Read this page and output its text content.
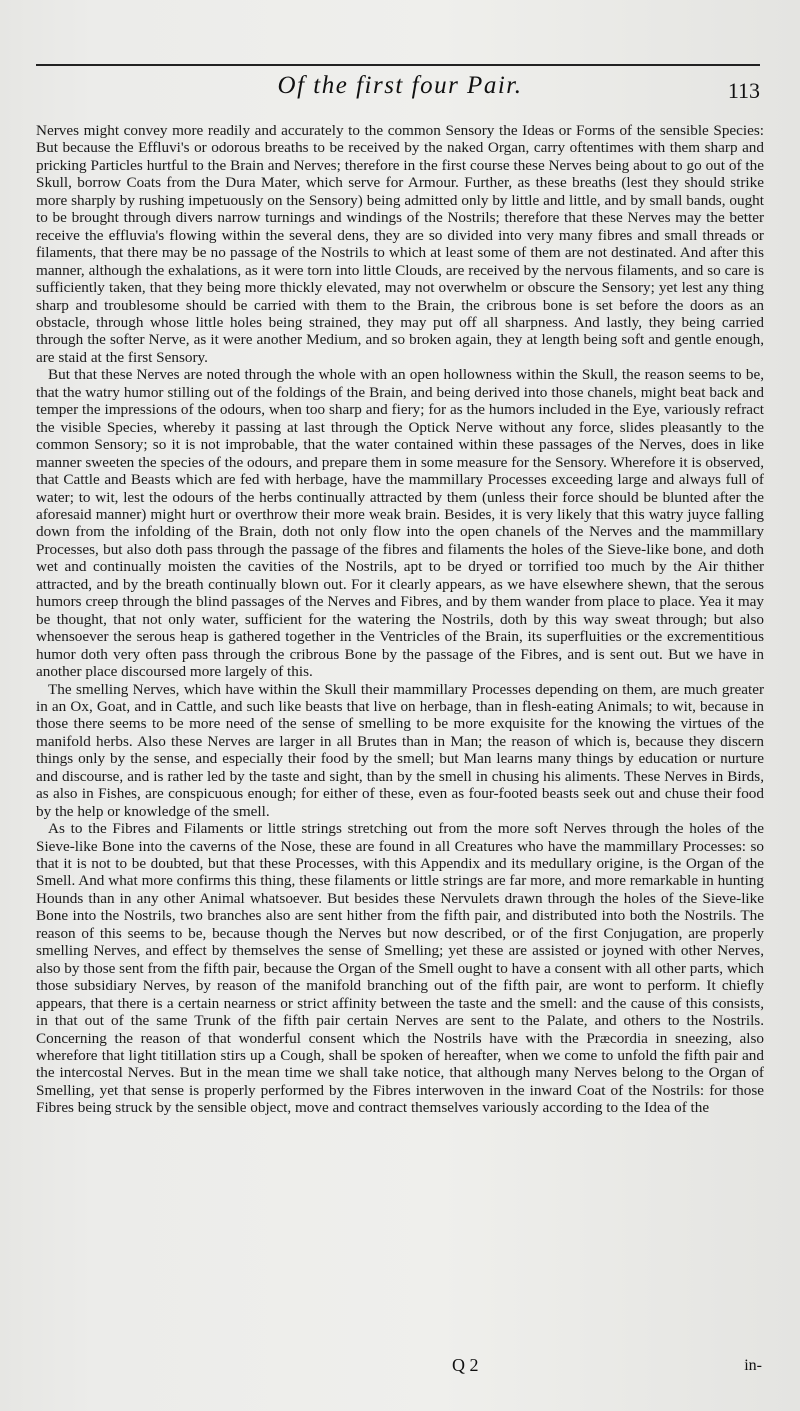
Of the first four Pair.	113

Nerves might convey more readily and accurately to the common Sensory the Ideas or Forms of the sensible Species: But because the Effluvi's or odorous breaths to be received by the naked Organ, carry oftentimes with them sharp and pricking Particles hurtful to the Brain and Nerves; therefore in the first course these Nerves being about to go out of the Skull, borrow Coats from the Dura Mater, which serve for Armour. Further, as these breaths (lest they should strike more sharply by rushing impetuously on the Sensory) being admitted only by little and little, and by small bands, ought to be brought through divers narrow turnings and windings of the Nostrils; therefore that these Nerves may the better receive the effluvia's flowing within the several dens, they are so divided into very many fibres and small threads or filaments, that there may be no passage of the Nostrils to which at least some of them are not destinated. And after this manner, although the exhalations, as it were torn into little Clouds, are received by the nervous filaments, and so care is sufficiently taken, that they being more thickly elevated, may not overwhelm or obscure the Sensory; yet lest any thing sharp and troublesome should be carried with them to the Brain, the cribrous bone is set before the doors as an obstacle, through whose little holes being strained, they may put off all sharpness. And lastly, they being carried through the softer Nerve, as it were another Medium, and so broken again, they at length being soft and gentle enough, are staid at the first Sensory.

But that these Nerves are noted through the whole with an open hollowness within the Skull, the reason seems to be, that the watry humor stilling out of the foldings of the Brain, and being derived into those chanels, might beat back and temper the impressions of the odours, when too sharp and fiery; for as the humors included in the Eye, variously refract the visible Species, whereby it passing at last through the Optick Nerve without any force, slides pleasantly to the common Sensory; so it is not improbable, that the water contained within these passages of the Nerves, does in like manner sweeten the species of the odours, and prepare them in some measure for the Sensory. Wherefore it is observed, that Cattle and Beasts which are fed with herbage, have the mammillary Processes exceeding large and always full of water; to wit, lest the odours of the herbs continually attracted by them (unless their force should be blunted after the aforesaid manner) might hurt or overthrow their more weak brain. Besides, it is very likely that this watry juyce falling down from the infolding of the Brain, doth not only flow into the open chanels of the Nerves and the mammillary Processes, but also doth pass through the passage of the fibres and filaments the holes of the Sieve-like bone, and doth wet and continually moisten the cavities of the Nostrils, apt to be dryed or torrified too much by the Air thither attracted, and by the breath continually blown out. For it clearly appears, as we have elsewhere shewn, that the serous humors creep through the blind passages of the Nerves and Fibres, and by them wander from place to place. Yea it may be thought, that not only water, sufficient for the watering the Nostrils, doth by this way sweat through; but also whensoever the serous heap is gathered together in the Ventricles of the Brain, its superfluities or the excrementitious humor doth very often pass through the cribrous Bone by the passage of the Fibres, and is sent out. But we have in another place discoursed more largely of this.

The smelling Nerves, which have within the Skull their mammillary Processes depending on them, are much greater in an Ox, Goat, and in Cattle, and such like beasts that live on herbage, than in flesh-eating Animals; to wit, because in those there seems to be more need of the sense of smelling to be more exquisite for the knowing the virtues of the manifold herbs. Also these Nerves are larger in all Brutes than in Man; the reason of which is, because they discern things only by the sense, and especially their food by the smell; but Man learns many things by education or nurture and discourse, and is rather led by the taste and sight, than by the smell in chusing his aliments. These Nerves in Birds, as also in Fishes, are conspicuous enough; for either of these, even as four-footed beasts seek out and chuse their food by the help or knowledge of the smell.

As to the Fibres and Filaments or little strings stretching out from the more soft Nerves through the holes of the Sieve-like Bone into the caverns of the Nose, these are found in all Creatures who have the mammillary Processes: so that it is not to be doubted, but that these Processes, with this Appendix and its medullary origine, is the Organ of the Smell. And what more confirms this thing, these filaments or little strings are far more, and more remarkable in hunting Hounds than in any other Animal whatsoever. But besides these Nervulets drawn through the holes of the Sieve-like Bone into the Nostrils, two branches also are sent hither from the fifth pair, and distributed into both the Nostrils. The reason of this seems to be, because though the Nerves but now described, or of the first Conjugation, are properly smelling Nerves, and effect by themselves the sense of Smelling; yet these are assisted or joyned with other Nerves, also by those sent from the fifth pair, because the Organ of the Smell ought to have a consent with all other parts, which those subsidiary Nerves, by reason of the manifold branching out of the fifth pair, are wont to perform. It chiefly appears, that there is a certain nearness or strict affinity between the taste and the smell: and the cause of this consists, in that out of the same Trunk of the fifth pair certain Nerves are sent to the Palate, and others to the Nostrils. Concerning the reason of that wonderful consent which the Nostrils have with the Præcordia in sneezing, also wherefore that light titillation stirs up a Cough, shall be spoken of hereafter, when we come to unfold the fifth pair and the intercostal Nerves. But in the mean time we shall take notice, that although many Nerves belong to the Organ of Smelling, yet that sense is properly performed by the Fibres interwoven in the inward Coat of the Nostrils: for those Fibres being struck by the sensible object, move and contract themselves variously according to the Idea of the

Q 2	in-
